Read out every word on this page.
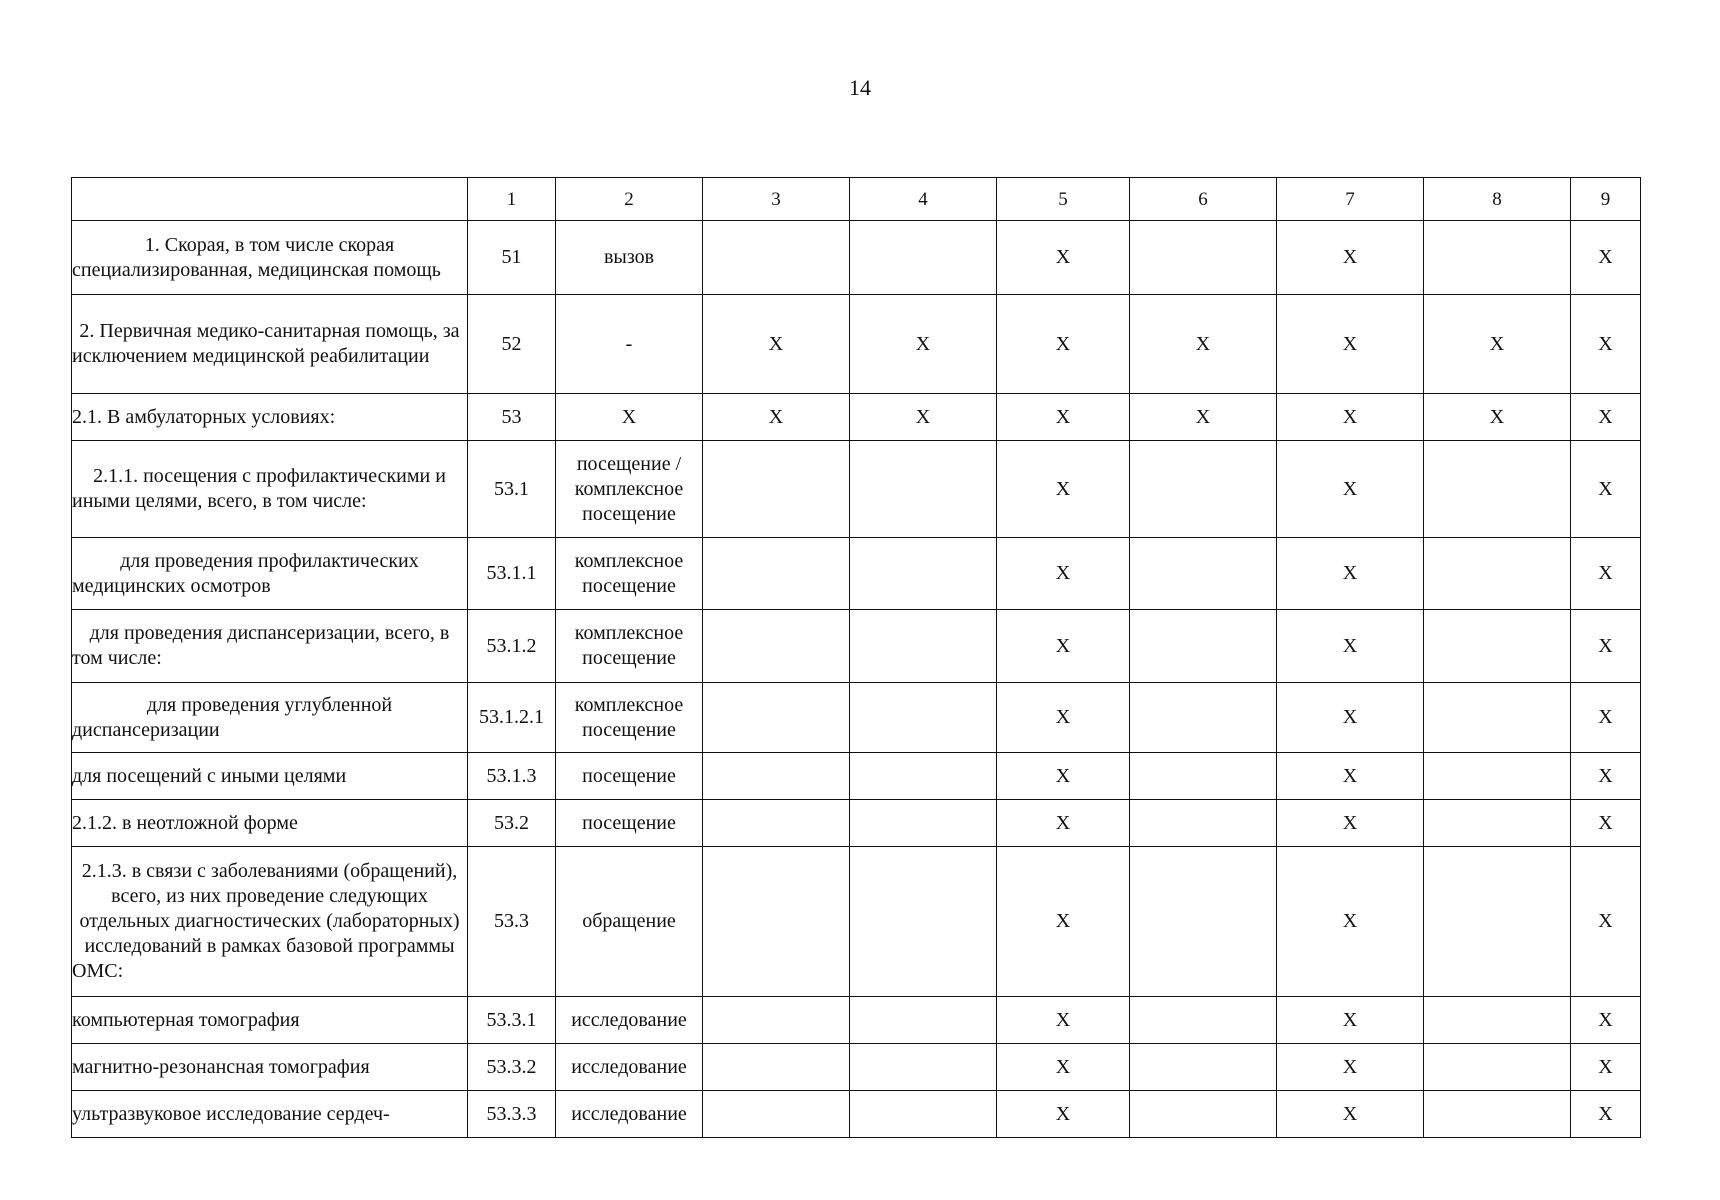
14
	1	2	3	4	5	6	7	8	9
1. Скорая, в том числе скорая специализированная, медицинская помощь	51	вызов			X		X		X
2. Первичная медико-санитарная помощь, за исключением медицинской реабилитации	52	-	X	X	X	X	X	X	X
2.1. В амбулаторных условиях:	53	X	X	X	X	X	X	X	X
2.1.1. посещения с профилактическими и иными целями, всего, в том числе:	53.1	посещение / комплексное посещение			X		X		X
для проведения профилактических медицинских осмотров	53.1.1	комплексное посещение			X		X		X
для проведения диспансеризации, всего, в том числе:	53.1.2	комплексное посещение			X		X		X
для проведения углубленной диспансеризации	53.1.2.1	комплексное посещение			X		X		X
для посещений с иными целями	53.1.3	посещение			X		X		X
2.1.2. в неотложной форме	53.2	посещение			X		X		X
2.1.3. в связи с заболеваниями (обращений), всего, из них проведение следующих отдельных диагностических (лабораторных) исследований в рамках базовой программы ОМС:	53.3	обращение			X		X		X
компьютерная томография	53.3.1	исследование			X		X		X
магнитно-резонансная томография	53.3.2	исследование			X		X		X
ультразвуковое исследование сердеч-	53.3.3	исследование			X		X		X
